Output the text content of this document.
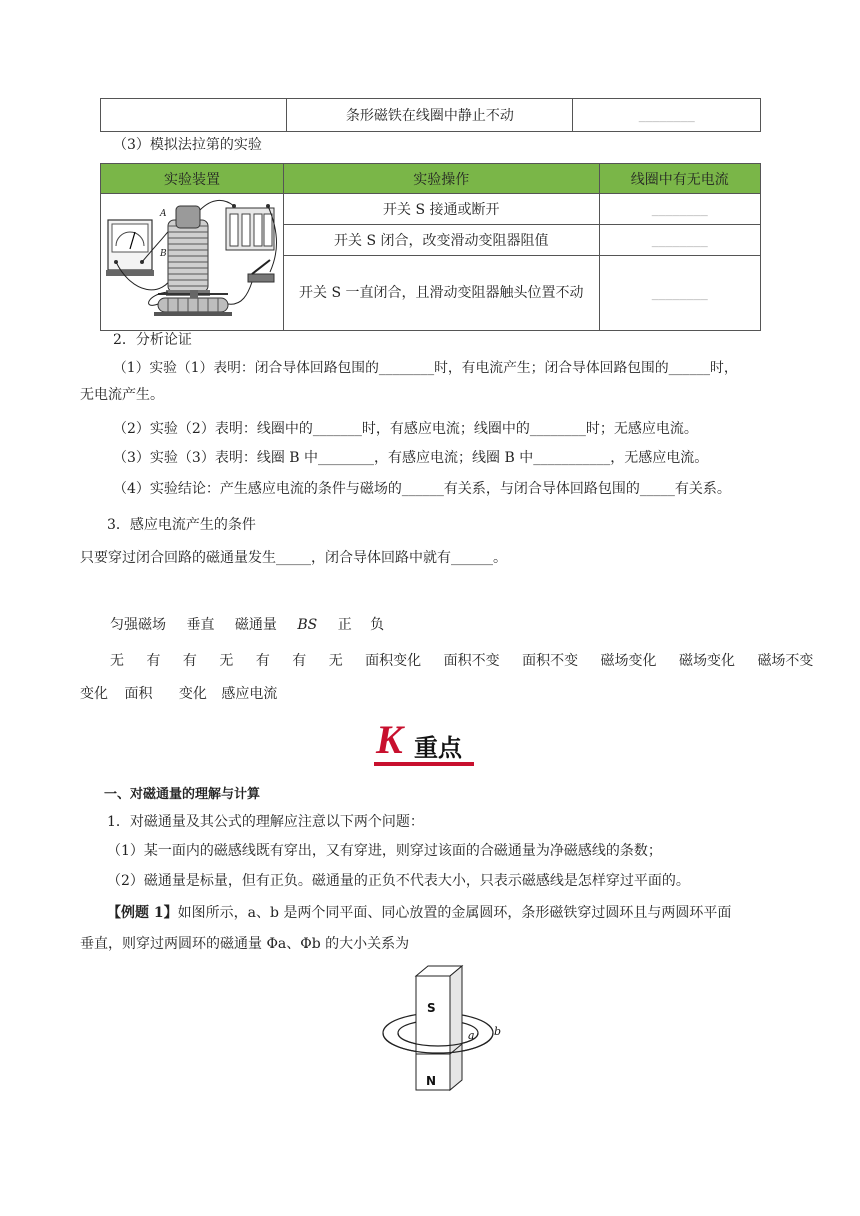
	条形磁铁在线圈中静止不动	________
（3）模拟法拉第的实验
实验装置	实验操作	线圈中有无电流

A
B	开关 S 接通或断开	________
	开关 S 闭合，改变滑动变阻器阻值	________
	开关 S 一直闭合，且滑动变阻器触头位置不动	________
2．分析论证
（1）实验（1）表明：闭合导体回路包围的________时，有电流产生；闭合导体回路包围的______时，
无电流产生。
（2）实验（2）表明：线圈中的_______时，有感应电流；线圈中的________时；无感应电流。
（3）实验（3）表明：线圈 B 中________，有感应电流；线圈 B 中___________，无感应电流。
（4）实验结论：产生感应电流的条件与磁场的______有关系，与闭合导体回路包围的_____有关系。
3．感应电流产生的条件
只要穿过闭合回路的磁通量发生_____，闭合导体回路中就有______。
匀强磁场 垂直 磁通量 BS 正 负
无 有 有 无 有 有 无 面积变化 面积不变 面积不变 磁场变化 磁场变化 磁场不变
变化 面积 变化 感应电流
K 重点
一、对磁通量的理解与计算
1．对磁通量及其公式的理解应注意以下两个问题：
（1）某一面内的磁感线既有穿出，又有穿进，则穿过该面的合磁通量为净磁感线的条数；
（2）磁通量是标量，但有正负。磁通量的正负不代表大小，只表示磁感线是怎样穿过平面的。
【例题 1】如图所示，a、b 是两个同平面、同心放置的金属圆环，条形磁铁穿过圆环且与两圆环平面
垂直，则穿过两圆环的磁通量 Φa、Φb 的大小关系为
S
N
a b
